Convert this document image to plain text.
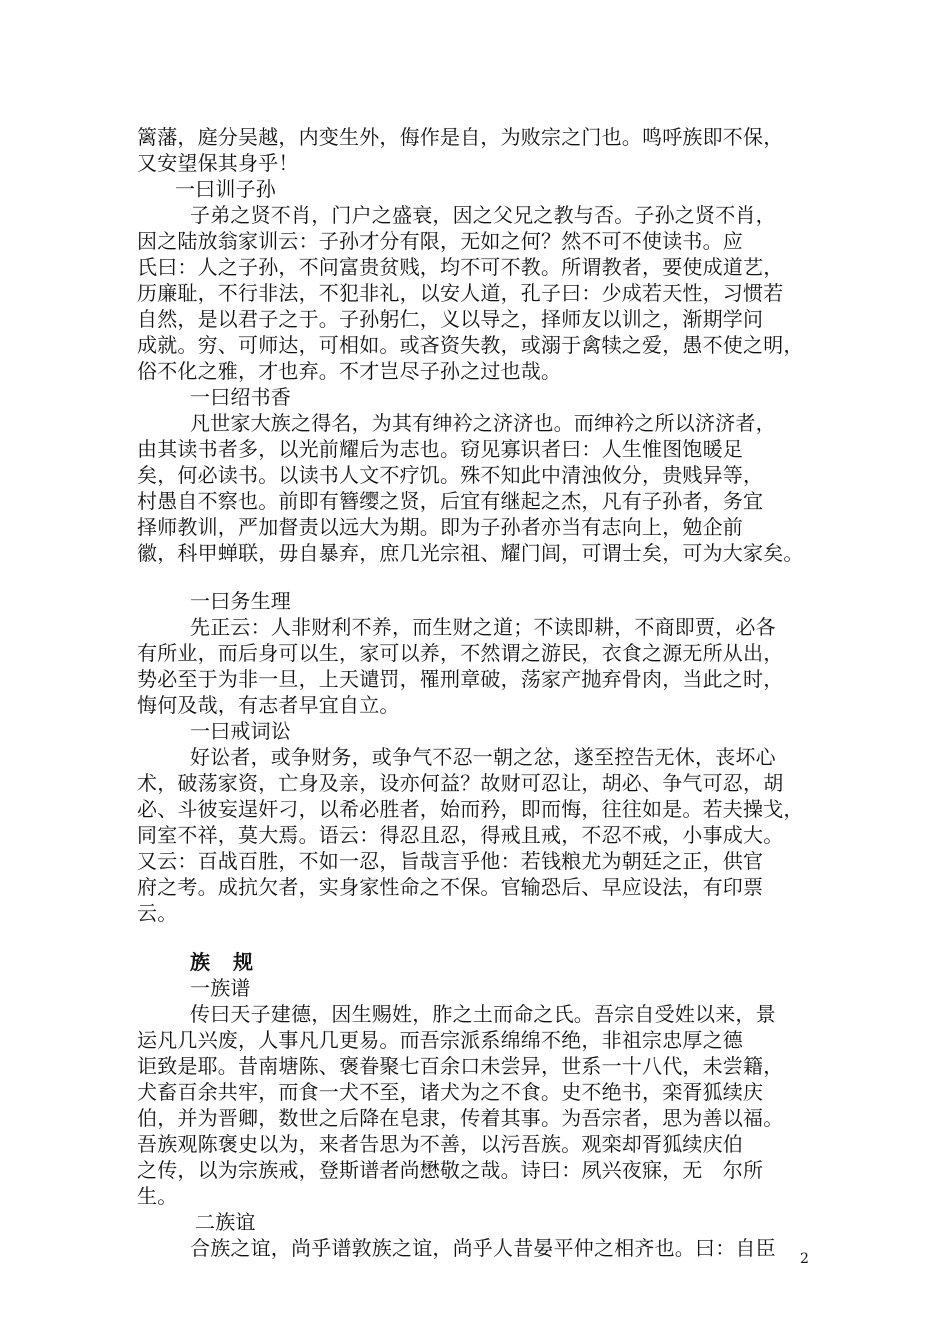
篱藩，庭分吴越，内变生外，侮作是自，为败宗之门也。鸣呼族即不保，
又安望保其身乎！
一曰训子孙
子弟之贤不肖，门户之盛衰，因之父兄之教与否。子孙之贤不肖，
因之陆放翁家训云：子孙才分有限，无如之何？然不可不使读书。应
氏曰：人之子孙，不问富贵贫贱，均不可不教。所谓教者，要使成道艺，
历廉耻，不行非法，不犯非礼，以安人道，孔子曰：少成若天性，习惯若
自然，是以君子之于。子孙躬仁，义以导之，择师友以训之，渐期学问
成就。穷、可师达，可相如。或吝资失教，或溺于禽犊之爱，愚不使之明，
俗不化之雅，才也弃。不才岂尽子孙之过也哉。
一曰绍书香
凡世家大族之得名，为其有绅衿之济济也。而绅衿之所以济济者，
由其读书者多，以光前耀后为志也。窃见寡识者曰：人生惟图饱暖足
矣，何必读书。以读书人文不疗饥。殊不知此中清浊攸分，贵贱异等，
村愚自不察也。前即有簪缨之贤，后宜有继起之杰，凡有子孙者，务宜
择师教训，严加督责以远大为期。即为子孙者亦当有志向上，勉企前
徽，科甲蝉联，毋自暴弃，庶几光宗祖、耀门闾，可谓士矣，可为大家矣。
一曰务生理
先正云：人非财利不养，而生财之道；不读即耕，不商即贾，必各
有所业，而后身可以生，家可以养，不然谓之游民，衣食之源无所从出，
势必至于为非一旦，上天谴罚，罹刑章破，荡家产抛弃骨肉，当此之时，
悔何及哉，有志者早宜自立。
一曰戒词讼
好讼者，或争财务，或争气不忍一朝之忿，遂至控告无休，丧坏心
术，破荡家资，亡身及亲，设亦何益？故财可忍让，胡必、争气可忍，胡
必、斗彼妄逞奸刁，以希必胜者，始而矜，即而悔，往往如是。若夫操戈，
同室不祥，莫大焉。语云：得忍且忍，得戒且戒，不忍不戒，小事成大。
又云：百战百胜，不如一忍，旨哉言乎他：若钱粮尤为朝廷之正，供官
府之考。成抗欠者，实身家性命之不保。官输恐后、早应设法，有印票
云。
族 规
一族谱
传曰天子建德，因生赐姓，胙之土而命之氏。吾宗自受姓以来，景
运凡几兴废，人事凡几更易。而吾宗派系绵绵不绝，非祖宗忠厚之德
讵致是耶。昔南塘陈、褒眷聚七百余口未尝异，世系一十八代，未尝籍，
犬畜百余共牢，而食一犬不至，诸犬为之不食。史不绝书，栾胥狐续庆
伯，并为晋卿，数世之后降在皂隶，传着其事。为吾宗者，思为善以福。
吾族观陈褒史以为，来者告思为不善，以污吾族。观栾却胥狐续庆伯
之传，以为宗族戒，登斯谱者尚懋敬之哉。诗曰：夙兴夜寐，无　尔所
生。
二族谊
合族之谊，尚乎谱敦族之谊，尚乎人昔晏平仲之相齐也。曰：自臣 2
